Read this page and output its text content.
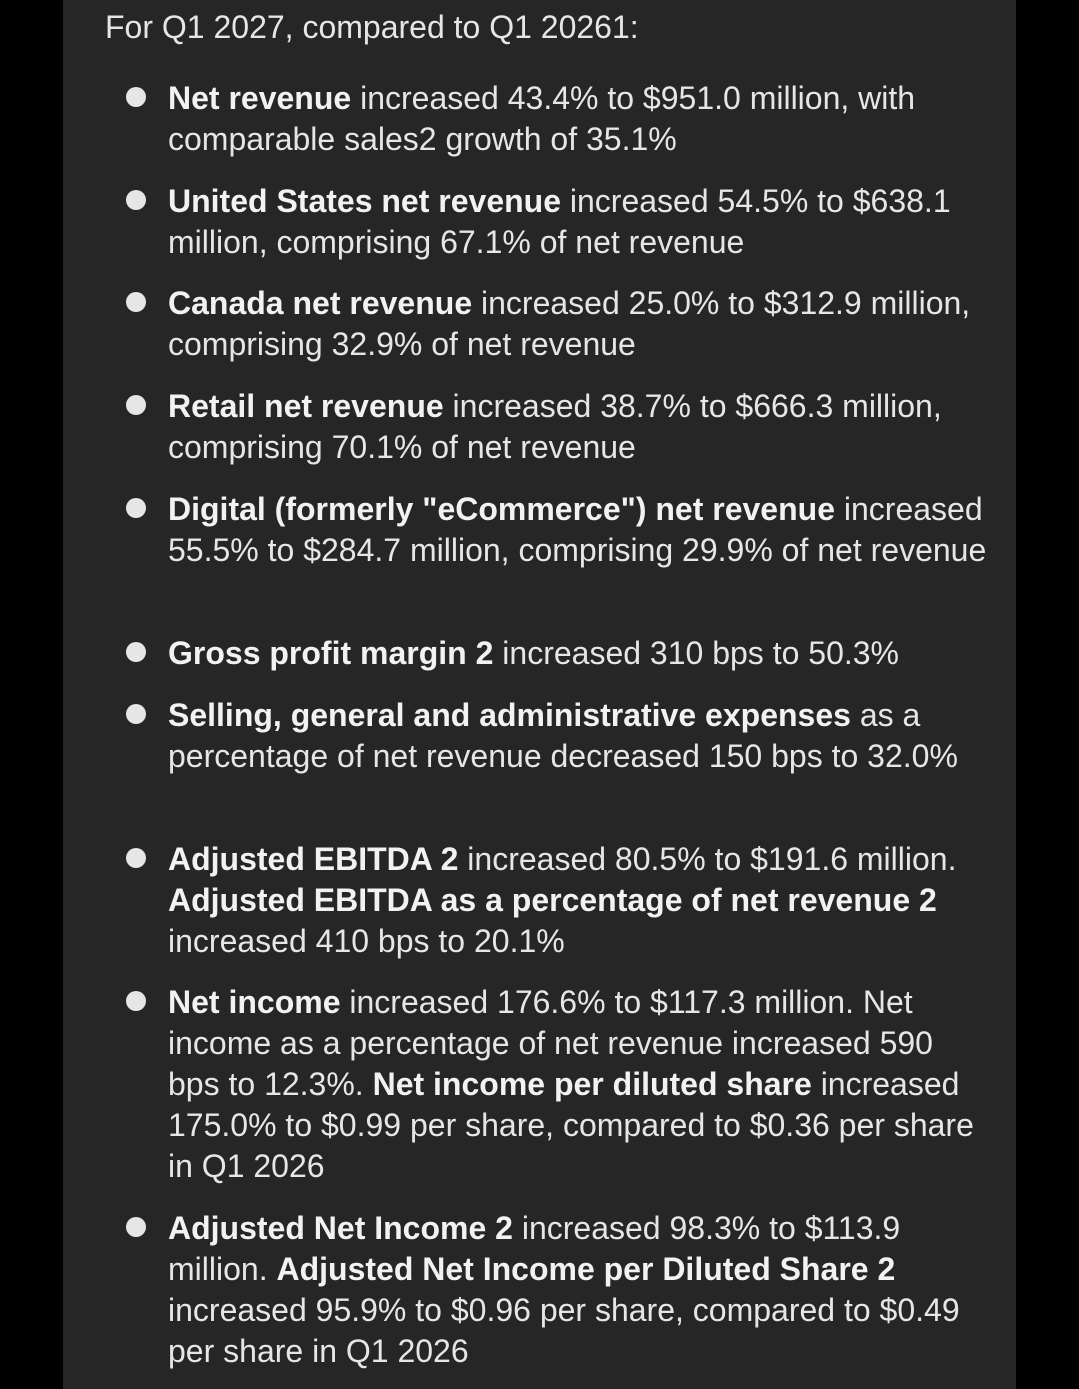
For Q1 2027, compared to Q1 20261:

Net revenue increased 43.4% to $951.0 million, with comparable sales2 growth of 35.1%
United States net revenue increased 54.5% to $638.1 million, comprising 67.1% of net revenue
Canada net revenue increased 25.0% to $312.9 million, comprising 32.9% of net revenue
Retail net revenue increased 38.7% to $666.3 million, comprising 70.1% of net revenue
Digital (formerly "eCommerce") net revenue increased 55.5% to $284.7 million, comprising 29.9% of net revenue
Gross profit margin 2 increased 310 bps to 50.3%
Selling, general and administrative expenses as a percentage of net revenue decreased 150 bps to 32.0%
Adjusted EBITDA 2 increased 80.5% to $191.6 million. Adjusted EBITDA as a percentage of net revenue 2 increased 410 bps to 20.1%
Net income increased 176.6% to $117.3 million. Net income as a percentage of net revenue increased 590 bps to 12.3%. Net income per diluted share increased 175.0% to $0.99 per share, compared to $0.36 per share in Q1 2026
Adjusted Net Income 2 increased 98.3% to $113.9 million. Adjusted Net Income per Diluted Share 2 increased 95.9% to $0.96 per share, compared to $0.49 per share in Q1 2026
